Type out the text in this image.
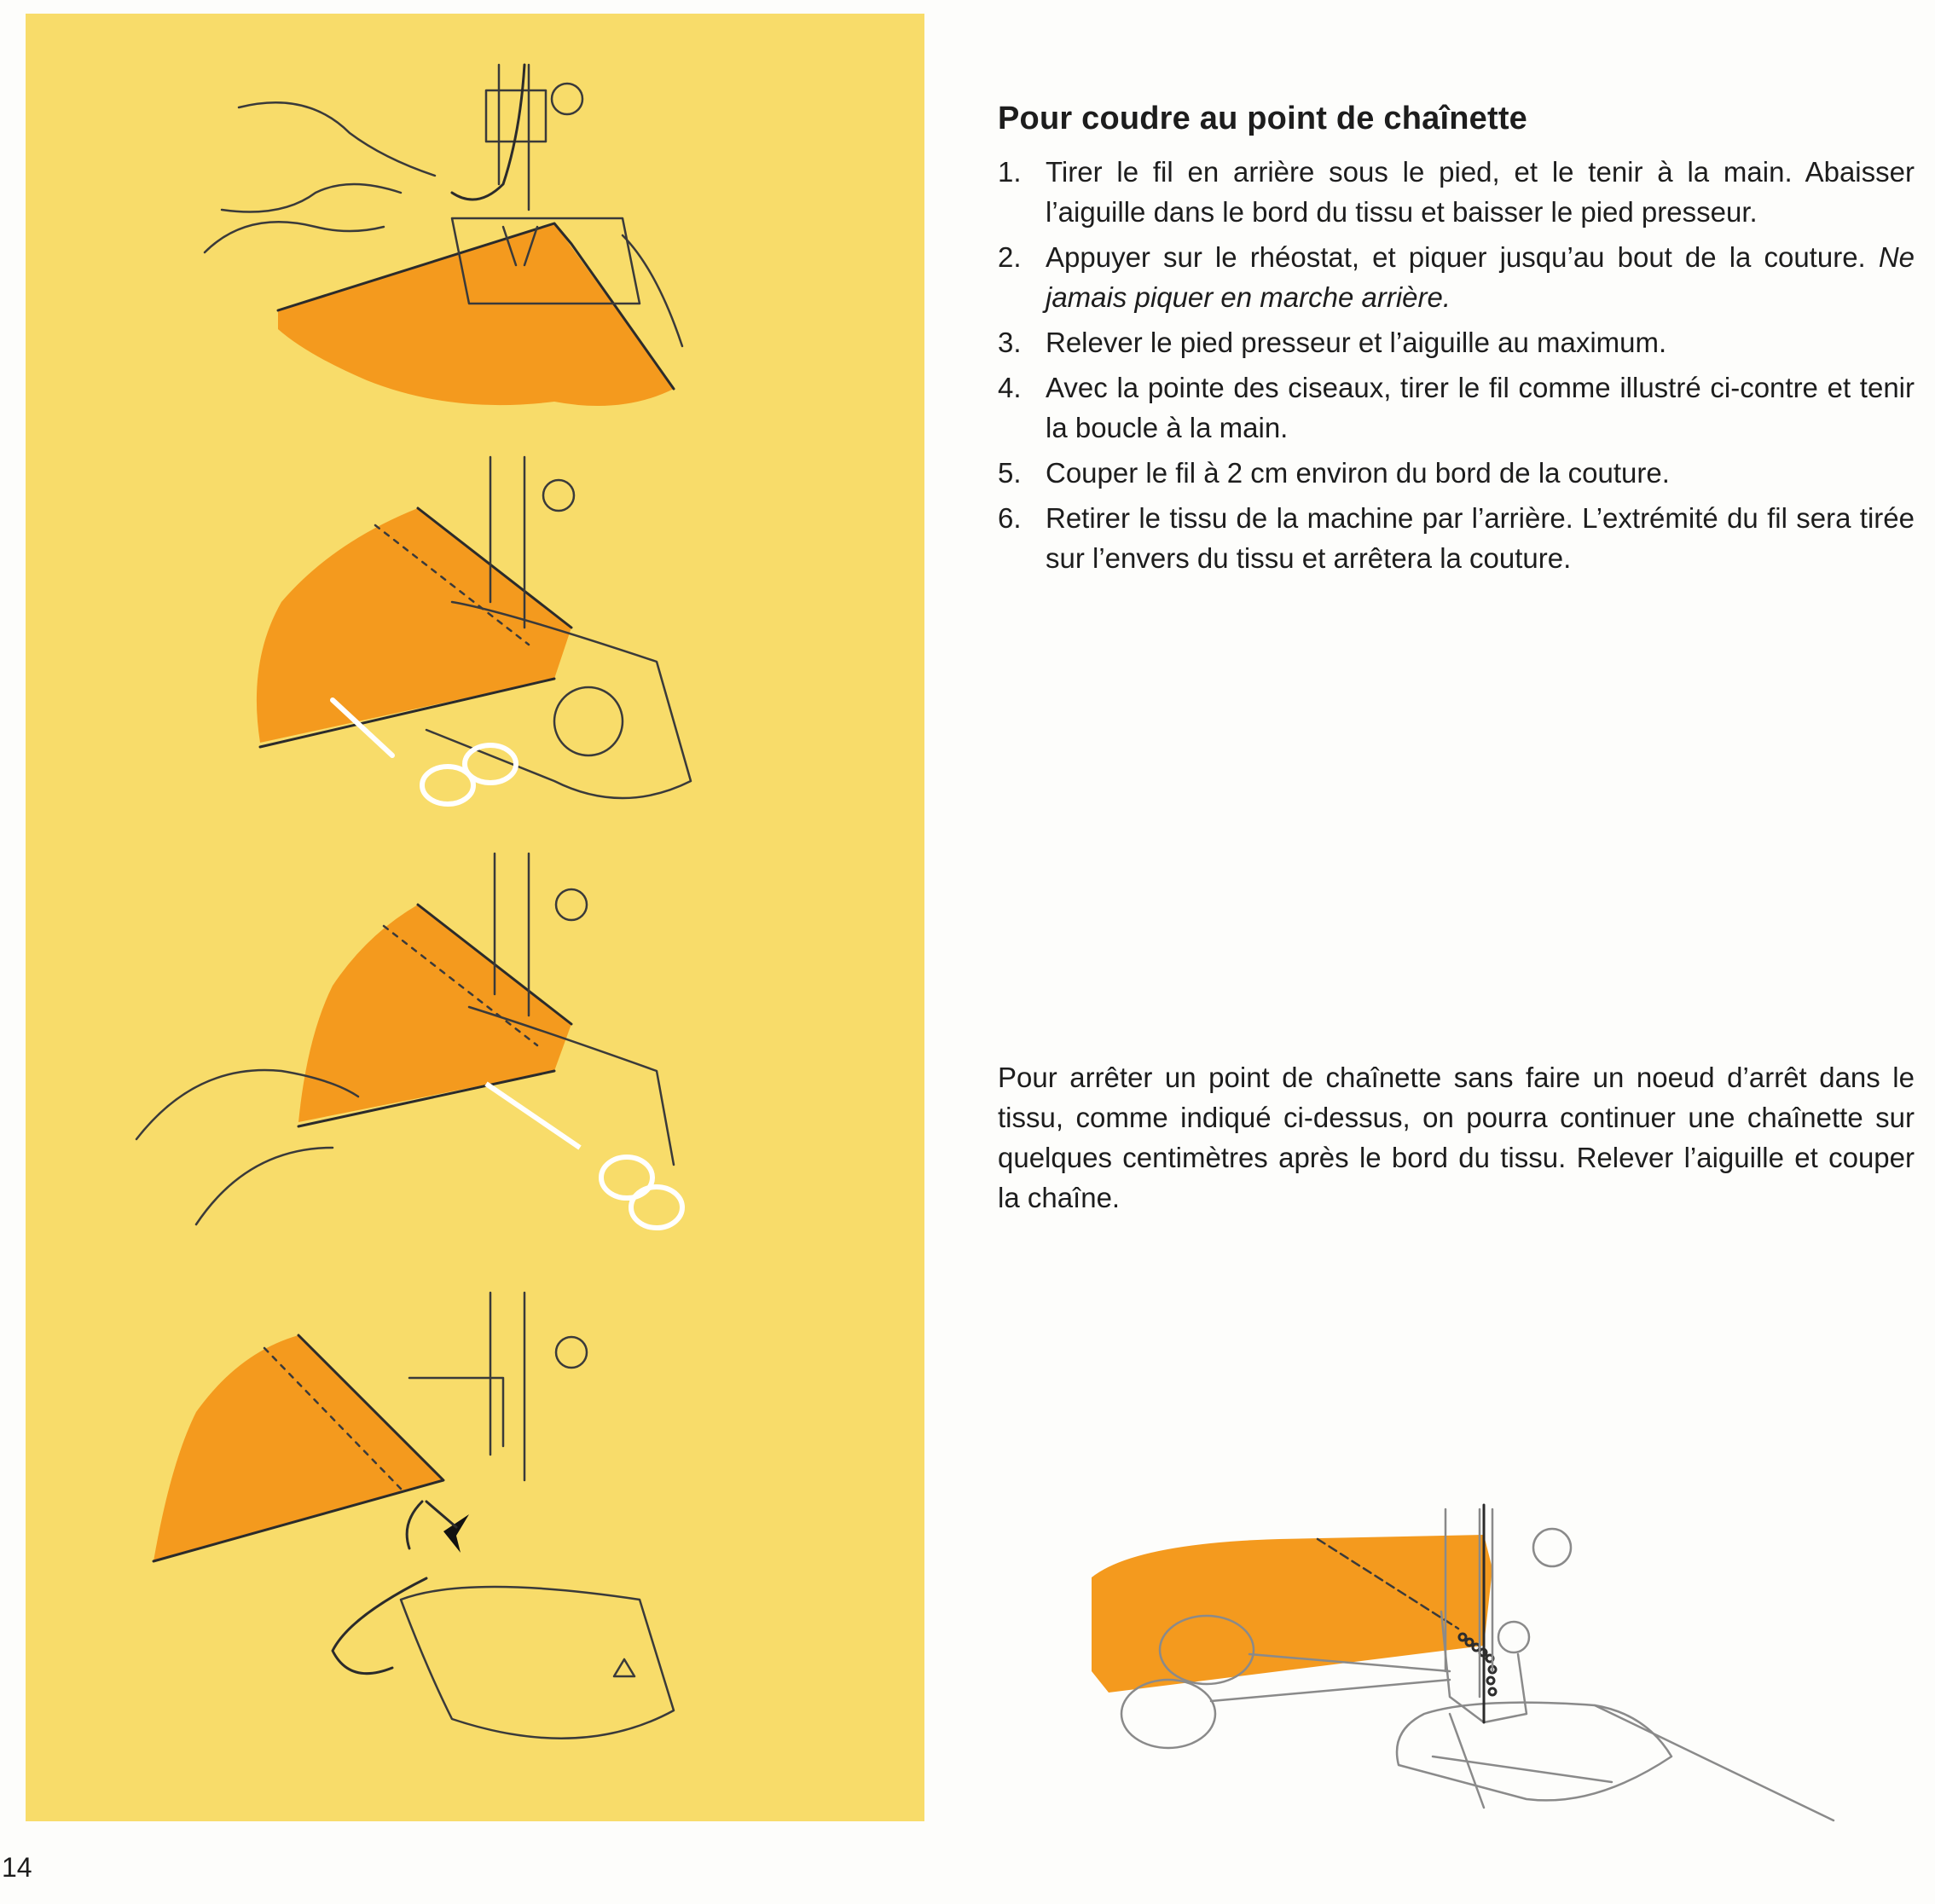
Pour coudre au point de chaînette
1. Tirer le fil en arrière sous le pied, et le tenir à la main. Abaisser l’aiguille dans le bord du tissu et baisser le pied presseur.
2. Appuyer sur le rhéostat, et piquer jusqu’au bout de la couture. Ne jamais piquer en marche arrière.
3. Relever le pied presseur et l’aiguille au maximum.
4. Avec la pointe des ciseaux, tirer le fil comme illustré ci-contre et tenir la boucle à la main.
5. Couper le fil à 2 cm environ du bord de la couture.
6. Retirer le tissu de la machine par l’arrière. L’extrémité du fil sera tirée sur l’envers du tissu et arrêtera la couture.

Pour arrêter un point de chaînette sans faire un noeud d’arrêt dans le tissu, comme indiqué ci-dessus, on pourra continuer une chaînette sur quelques centimètres après le bord du tissu. Relever l’aiguille et couper la chaîne.

14
